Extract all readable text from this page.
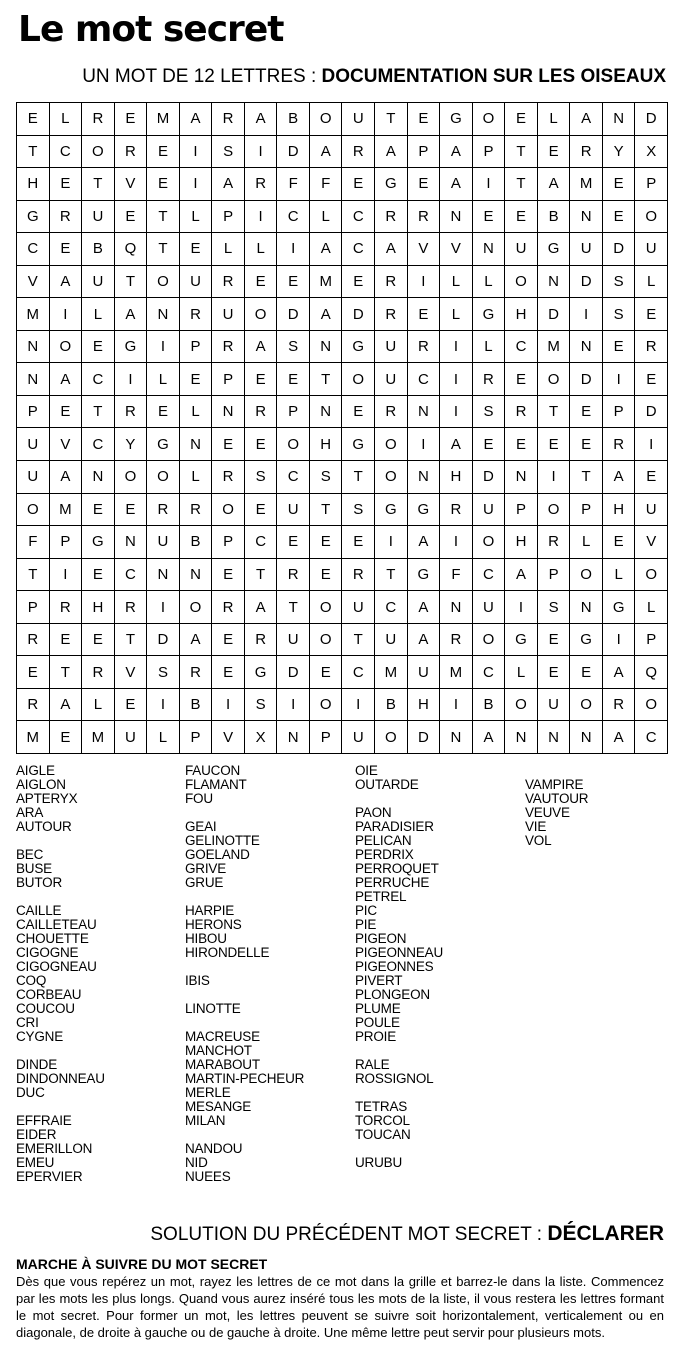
Le mot secret
UN MOT DE 12 LETTRES : DOCUMENTATION SUR LES OISEAUX
E	L	R	E	M	A	R	A	B	O	U	T	E	G	O	E	L	A	N	D
T	C	O	R	E	I	S	I	D	A	R	A	P	A	P	T	E	R	Y	X
H	E	T	V	E	I	A	R	F	F	E	G	E	A	I	T	A	M	E	P
G	R	U	E	T	L	P	I	C	L	C	R	R	N	E	E	B	N	E	O
C	E	B	Q	T	E	L	L	I	A	C	A	V	V	N	U	G	U	D	U
V	A	U	T	O	U	R	E	E	M	E	R	I	L	L	O	N	D	S	L
M	I	L	A	N	R	U	O	D	A	D	R	E	L	G	H	D	I	S	E
N	O	E	G	I	P	R	A	S	N	G	U	R	I	L	C	M	N	E	R
N	A	C	I	L	E	P	E	E	T	O	U	C	I	R	E	O	D	I	E
P	E	T	R	E	L	N	R	P	N	E	R	N	I	S	R	T	E	P	D
U	V	C	Y	G	N	E	E	O	H	G	O	I	A	E	E	E	E	R	I
U	A	N	O	O	L	R	S	C	S	T	O	N	H	D	N	I	T	A	E
O	M	E	E	R	R	O	E	U	T	S	G	G	R	U	P	O	P	H	U
F	P	G	N	U	B	P	C	E	E	E	I	A	I	O	H	R	L	E	V
T	I	E	C	N	N	E	T	R	E	R	T	G	F	C	A	P	O	L	O
P	R	H	R	I	O	R	A	T	O	U	C	A	N	U	I	S	N	G	L
R	E	E	T	D	A	E	R	U	O	T	U	A	R	O	G	E	G	I	P
E	T	R	V	S	R	E	G	D	E	C	M	U	M	C	L	E	E	A	Q
R	A	L	E	I	B	I	S	I	O	I	B	H	I	B	O	U	O	R	O
M	E	M	U	L	P	V	X	N	P	U	O	D	N	A	N	N	N	A	C
AIGLE
AIGLON
APTERYX
ARA
AUTOUR
BEC
BUSE
BUTOR
CAILLE
CAILLETEAU
CHOUETTE
CIGOGNE
CIGOGNEAU
COQ
CORBEAU
COUCOU
CRI
CYGNE
DINDE
DINDONNEAU
DUC
EFFRAIE
EIDER
EMERILLON
EMEU
EPERVIER
FAUCON
FLAMANT
FOU
GEAI
GELINOTTE
GOELAND
GRIVE
GRUE
HARPIE
HERONS
HIBOU
HIRONDELLE
IBIS
LINOTTE
MACREUSE
MANCHOT
MARABOUT
MARTIN-PECHEUR
MERLE
MESANGE
MILAN
NANDOU
NID
NUEES
OIE
OUTARDE
PAON
PARADISIER
PELICAN
PERDRIX
PERROQUET
PERRUCHE
PETREL
PIC
PIE
PIGEON
PIGEONNEAU
PIGEONNES
PIVERT
PLONGEON
PLUME
POULE
PROIE
RALE
ROSSIGNOL
TETRAS
TORCOL
TOUCAN
URUBU
VAMPIRE
VAUTOUR
VEUVE
VIE
VOL
SOLUTION DU PRÉCÉDENT MOT SECRET : DÉCLARER
MARCHE À SUIVRE DU MOT SECRET
Dès que vous repérez un mot, rayez les lettres de ce mot dans la grille et barrez-le dans la liste. Commencez par les mots les plus longs. Quand vous aurez inséré tous les mots de la liste, il vous restera les lettres formant le mot secret. Pour former un mot, les lettres peuvent se suivre soit horizontalement, verticalement ou en diagonale, de droite à gauche ou de gauche à droite. Une même lettre peut servir pour plusieurs mots.
